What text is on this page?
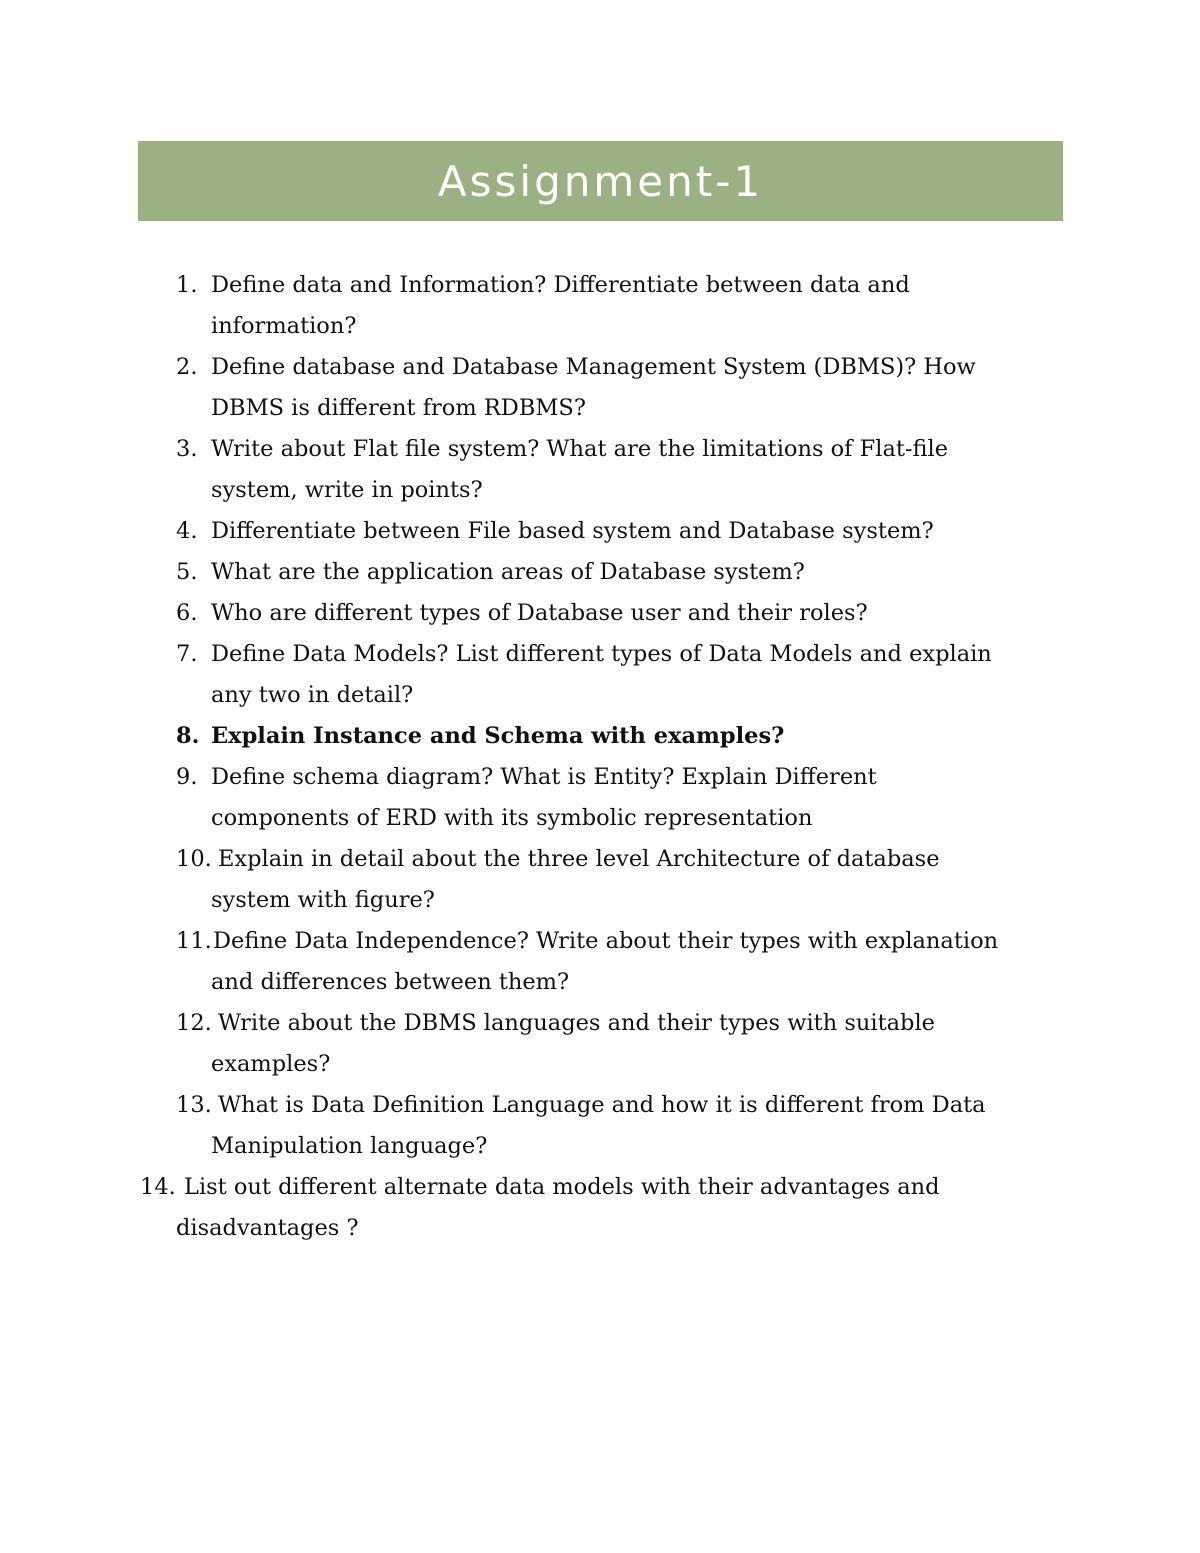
Assignment-1
1. Define data and Information? Differentiate between data and
information?
2. Define database and Database Management System (DBMS)? How
DBMS is different from RDBMS?
3. Write about Flat file system? What are the limitations of Flat-file
system, write in points?
4. Differentiate between File based system and Database system?
5. What are the application areas of Database system?
6. Who are different types of Database user and their roles?
7. Define Data Models? List different types of Data Models and explain
any two in detail?
8. Explain Instance and Schema with examples?
9. Define schema diagram? What is Entity? Explain Different
components of ERD with its symbolic representation
10. Explain in detail about the three level Architecture of database
system with figure?
11. Define Data Independence? Write about their types with explanation
and differences between them?
12. Write about the DBMS languages and their types with suitable
examples?
13. What is Data Definition Language and how it is different from Data
Manipulation language?
14. List out different alternate data models with their advantages and
disadvantages ?
